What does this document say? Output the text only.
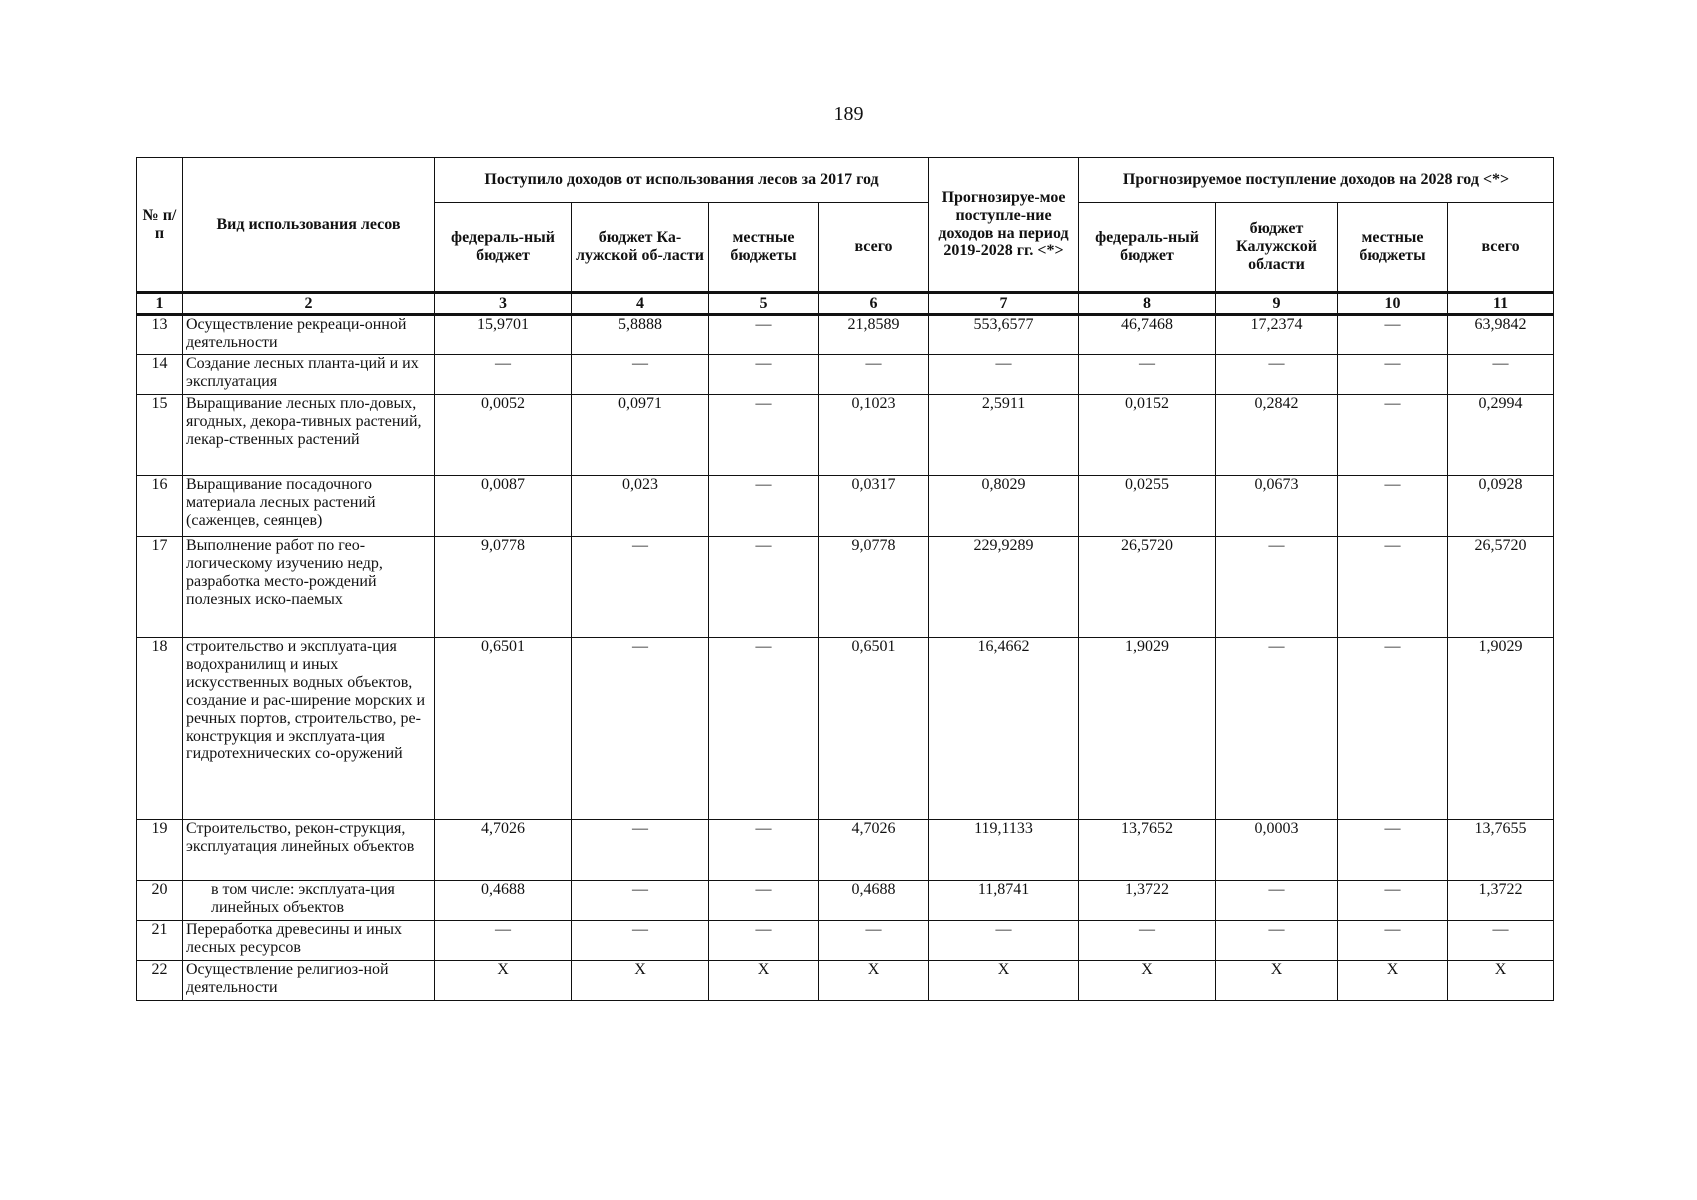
189
№ п/п	Вид использования лесов	Поступило доходов от использования лесов за 2017 год				Прогнозируе-мое поступле-ние доходов на период 2019-2028 гг. <*>	Прогнозируемое поступление доходов на 2028 год <*>			
		федераль-ный бюджет	бюджет Ка-лужской об-ласти	местные бюджеты	всего		федераль-ный бюджет	бюджет Калужской области	местные бюджеты	всего
1	2	3	4	5	6	7	8	9	10	11
13	Осуществление рекреаци-онной деятельности	15,9701	5,8888	—	21,8589	553,6577	46,7468	17,2374	—	63,9842
14	Создание лесных планта-ций и их эксплуатация	—	—	—	—	—	—	—	—	—
15	Выращивание лесных пло-довых, ягодных, декора-тивных растений, лекар-ственных растений	0,0052	0,0971	—	0,1023	2,5911	0,0152	0,2842	—	0,2994
16	Выращивание посадочного материала лесных растений (саженцев, сеянцев)	0,0087	0,023	—	0,0317	0,8029	0,0255	0,0673	—	0,0928
17	Выполнение работ по гео-логическому изучению недр, разработка место-рождений полезных иско-паемых	9,0778	—	—	9,0778	229,9289	26,5720	—	—	26,5720
18	строительство и эксплуата-ция водохранилищ и иных искусственных водных объектов, создание и рас-ширение морских и речных портов, строительство, ре-конструкция и эксплуата-ция гидротехнических со-оружений	0,6501	—	—	0,6501	16,4662	1,9029	—	—	1,9029
19	Строительство, рекон-струкция, эксплуатация линейных объектов	4,7026	—	—	4,7026	119,1133	13,7652	0,0003	—	13,7655
20	в том числе: эксплуата-ция линейных объектов	0,4688	—	—	0,4688	11,8741	1,3722	—	—	1,3722
21	Переработка древесины и иных лесных ресурсов	—	—	—	—	—	—	—	—	—
22	Осуществление религиоз-ной деятельности	X	X	X	X	X	X	X	X	X
